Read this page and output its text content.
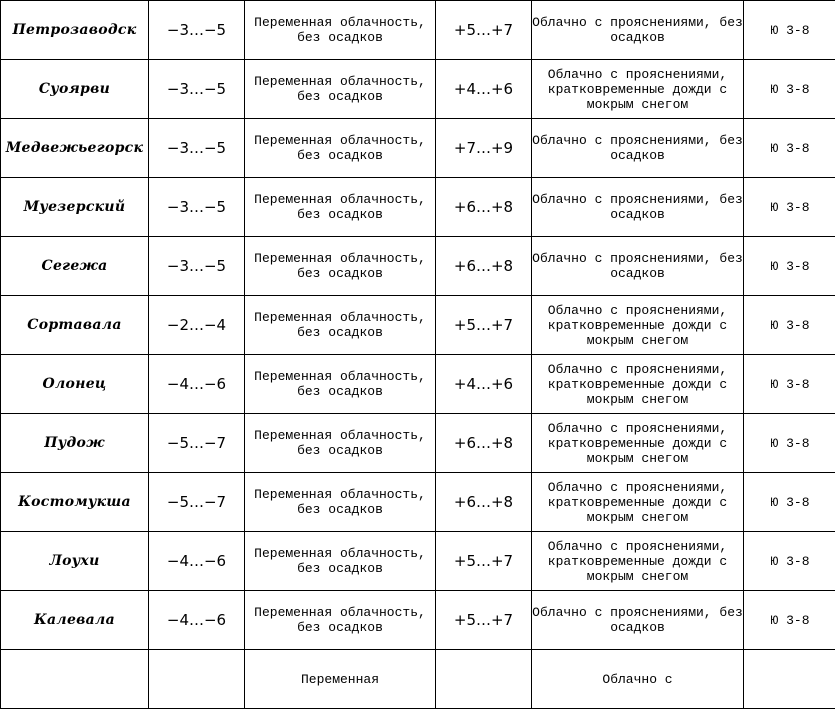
Петрозаводск	−3…−5	Переменная облачность, без осадков	+5…+7	Облачно с прояснениями, без осадков	Ю 3-8
Суоярви	−3…−5	Переменная облачность, без осадков	+4…+6	Облачно с прояснениями, кратковременные дожди с мокрым снегом	Ю 3-8
Медвежьегорск	−3…−5	Переменная облачность, без осадков	+7…+9	Облачно с прояснениями, без осадков	Ю 3-8
Муезерский	−3…−5	Переменная облачность, без осадков	+6…+8	Облачно с прояснениями, без осадков	Ю 3-8
Сегежа	−3…−5	Переменная облачность, без осадков	+6…+8	Облачно с прояснениями, без осадков	Ю 3-8
Сортавала	−2…−4	Переменная облачность, без осадков	+5…+7	Облачно с прояснениями, кратковременные дожди с мокрым снегом	Ю 3-8
Олонец	−4…−6	Переменная облачность, без осадков	+4…+6	Облачно с прояснениями, кратковременные дожди с мокрым снегом	Ю 3-8
Пудож	−5…−7	Переменная облачность, без осадков	+6…+8	Облачно с прояснениями, кратковременные дожди с мокрым снегом	Ю 3-8
Костомукша	−5…−7	Переменная облачность, без осадков	+6…+8	Облачно с прояснениями, кратковременные дожди с мокрым снегом	Ю 3-8
Лоухи	−4…−6	Переменная облачность, без осадков	+5…+7	Облачно с прояснениями, кратковременные дожди с мокрым снегом	Ю 3-8
Калевала	−4…−6	Переменная облачность, без осадков	+5…+7	Облачно с прояснениями, без осадков	Ю 3-8

		Переменная		Облачно с	
